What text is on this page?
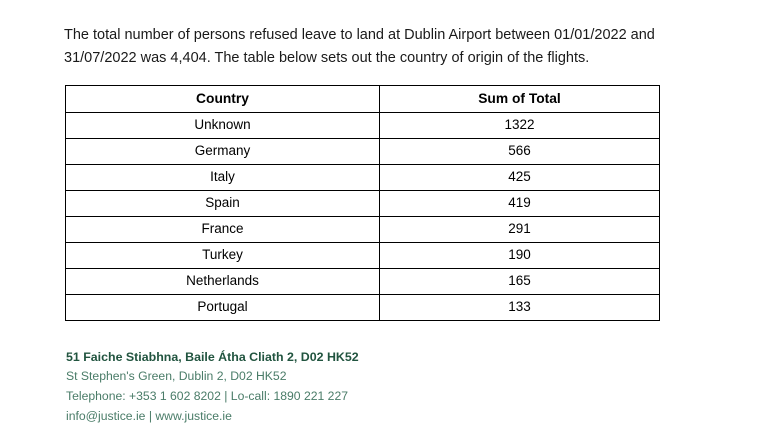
The total number of persons refused leave to land at Dublin Airport between 01/01/2022 and 31/07/2022 was 4,404. The table below sets out the country of origin of the flights.

Country	Sum of Total
Unknown	1322
Germany	566
Italy	425
Spain	419
France	291
Turkey	190
Netherlands	165
Portugal	133
51 Faiche Stiabhna, Baile Átha Cliath 2, D02 HK52
St Stephen's Green, Dublin 2, D02 HK52
Telephone: +353 1 602 8202 | Lo-call: 1890 221 227
info@justice.ie | www.justice.ie
